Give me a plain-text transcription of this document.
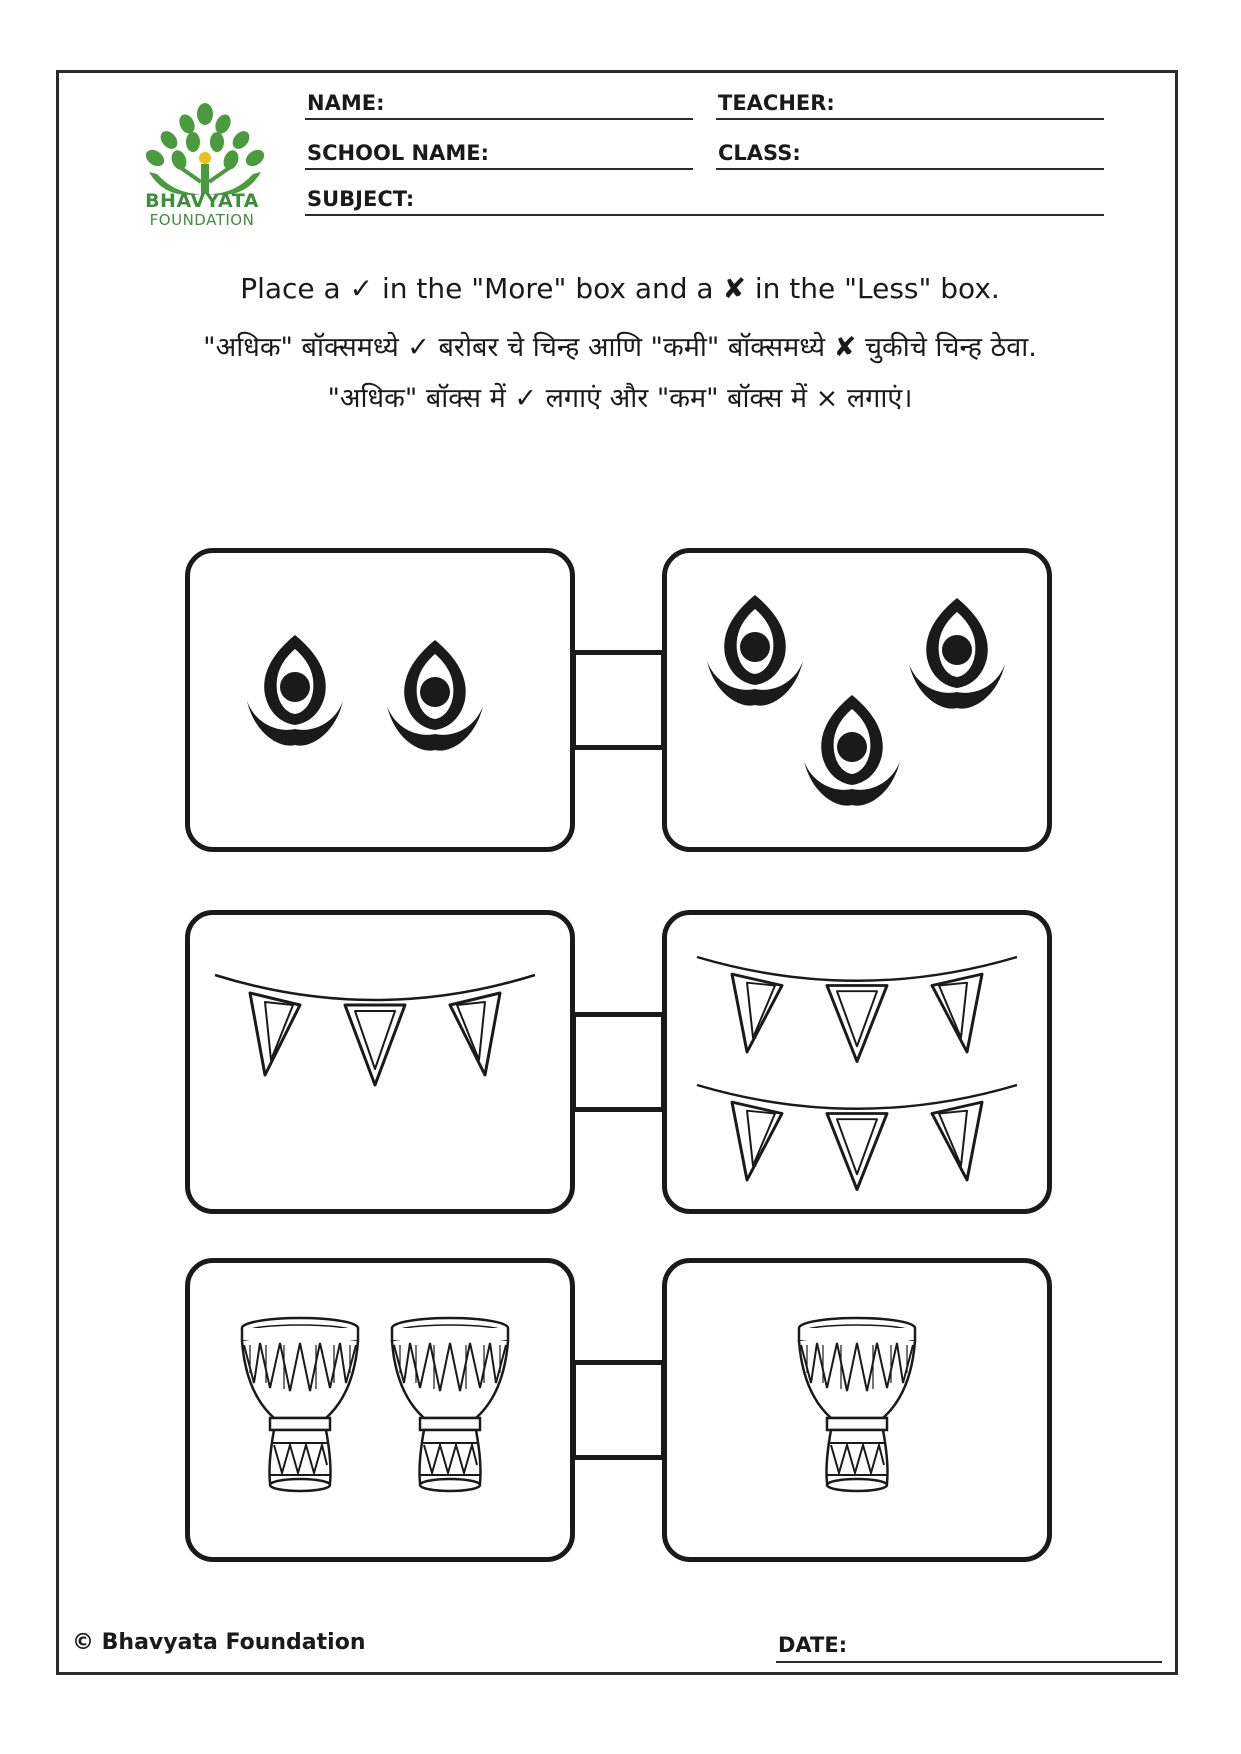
BHAVYATA
FOUNDATION
NAME:	TEACHER:
SCHOOL NAME:	CLASS:
SUBJECT:
Place a ✓ in the "More" box and a ✘ in the "Less" box.
"अधिक" बॉक्समध्ये ✓ बरोबर चे चिन्ह आणि "कमी" बॉक्समध्ये ✘ चुकीचे चिन्ह ठेवा.
"अधिक" बॉक्स में ✓ लगाएं और "कम" बॉक्स में × लगाएं।
© Bhavyata Foundation	DATE:
